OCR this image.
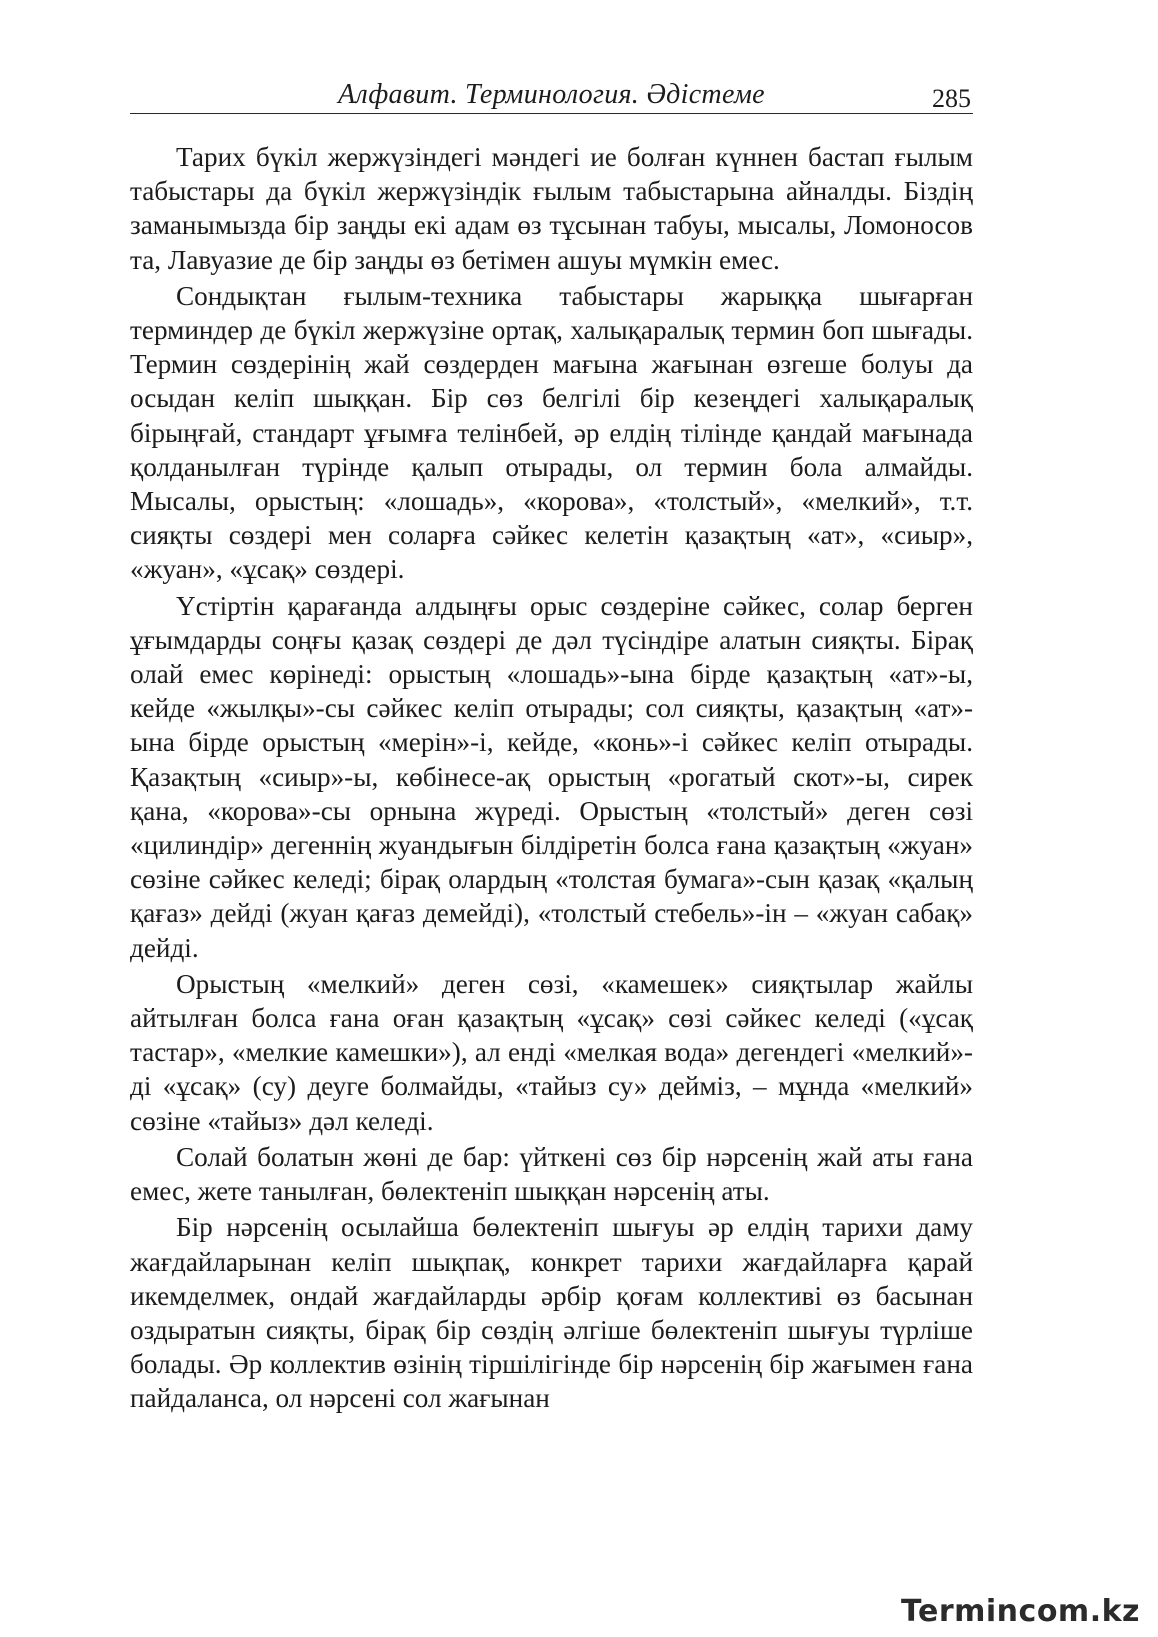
Алфавит. Терминология. Әдістеме	285

Тарих бүкіл жержүзіндегі мәндегі ие болған күннен бастап ғылым табыстары да бүкіл жержүзіндік ғылым табыстарына айналды. Біздің заманымызда бір заңды екі адам өз тұсынан табуы, мысалы, Ломоносов та, Лавуазие де бір заңды өз бетімен ашуы мүмкін емес.

Сондықтан ғылым-техника табыстары жарыққа шығарған терминдер де бүкіл жержүзіне ортақ, халықаралық термин боп шығады. Термин сөздерінің жай сөздерден мағына жағынан өзгеше болуы да осыдан келіп шыққан. Бір сөз белгілі бір кезеңдегі халықаралық бірыңғай, стандарт ұғымға телінбей, әр елдің тілінде қандай мағынада қолданылған түрінде қалып отырады, ол термин бола алмайды. Мысалы, орыстың: «лошадь», «корова», «толстый», «мелкий», т.т. сияқты сөздері мен соларға сәйкес келетін қазақтың «ат», «сиыр», «жуан», «ұсақ» сөздері.

Үстіртін қарағанда алдыңғы орыс сөздеріне сәйкес, солар берген ұғымдарды соңғы қазақ сөздері де дәл түсіндіре алатын сияқты. Бірақ олай емес көрінеді: орыстың «лошадь»-ына бірде қазақтың «ат»-ы, кейде «жылқы»-сы сәйкес келіп отырады; сол сияқты, қазақтың «ат»-ына бірде орыстың «мерін»-і, кейде, «конь»-і сәйкес келіп отырады. Қазақтың «сиыр»-ы, көбінесе-ақ орыстың «рогатый скот»-ы, сирек қана, «корова»-сы орнына жүреді. Орыстың «толстый» деген сөзі «цилиндір» дегеннің жуандығын білдіретін болса ғана қазақтың «жуан» сөзіне сәйкес келеді; бірақ олардың «толстая бумага»-сын қазақ «қалың қағаз» дейді (жуан қағаз демейді), «толстый стебель»-ін – «жуан сабақ» дейді.

Орыстың «мелкий» деген сөзі, «камешек» сияқтылар жайлы айтылған болса ғана оған қазақтың «ұсақ» сөзі сәйкес келеді («ұсақ тастар», «мелкие камешки»), ал енді «мелкая вода» дегендегі «мелкий»-ді «ұсақ» (су) деуге болмайды, «тайыз су» дейміз, – мұнда «мелкий» сөзіне «тайыз» дәл келеді.

Солай болатын жөні де бар: үйткені сөз бір нәрсенің жай аты ғана емес, жете танылған, бөлектеніп шыққан нәрсенің аты.

Бір нәрсенің осылайша бөлектеніп шығуы әр елдің тарихи даму жағдайларынан келіп шықпақ, конкрет тарихи жағдайларға қарай икемделмек, ондай жағдайларды әрбір қоғам коллективі өз басынан оздыратын сияқты, бірақ бір сөздің әлгіше бөлектеніп шығуы түрліше болады. Әр коллектив өзінің тіршілігінде бір нәрсенің бір жағымен ғана пайдаланса, ол нәрсені сол жағынан

Termincom.kz
